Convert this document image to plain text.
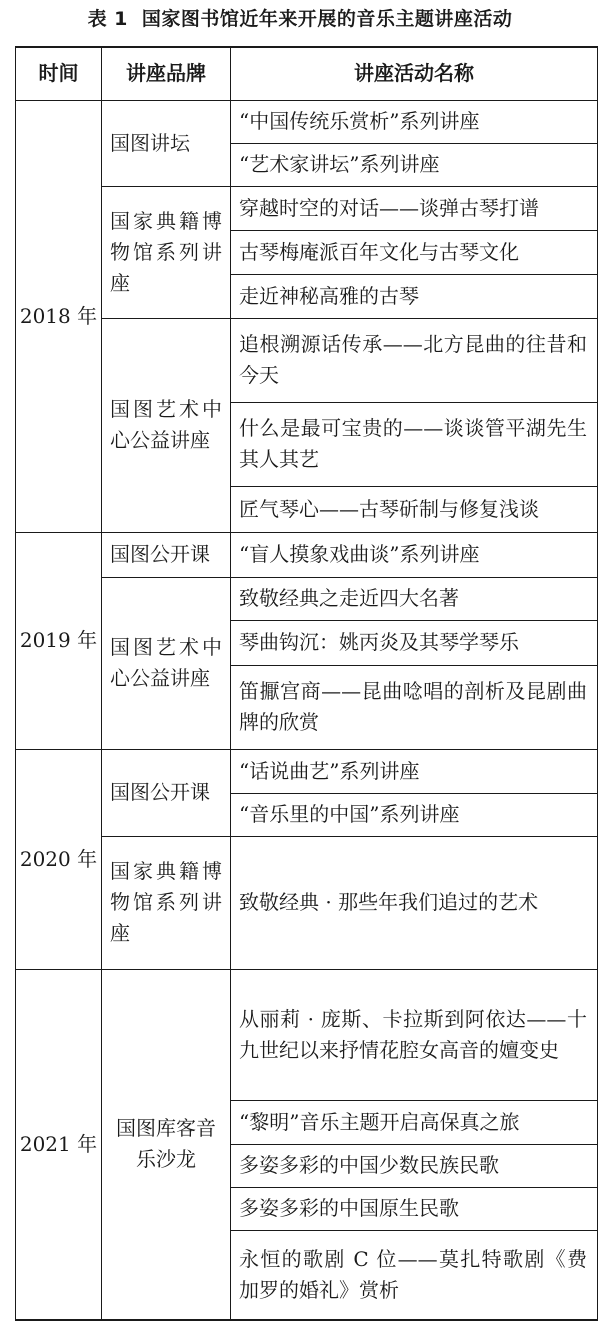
表 1 国家图书馆近年来开展的音乐主题讲座活动
时间	讲座品牌	讲座活动名称
2018 年	国图讲坛	“中国传统乐赏析”系列讲座
		“艺术家讲坛”系列讲座
	国家典籍博物馆系列讲座	穿越时空的对话——谈弹古琴打谱
		古琴梅庵派百年文化与古琴文化
		走近神秘高雅的古琴
	国图艺术中心公益讲座	追根溯源话传承——北方昆曲的往昔和今天
		什么是最可宝贵的——谈谈管平湖先生其人其艺
		匠气琴心——古琴斫制与修复浅谈
2019 年	国图公开课	“盲人摸象戏曲谈”系列讲座
	国图艺术中心公益讲座	致敬经典之走近四大名著
		琴曲钩沉：姚丙炎及其琴学琴乐
		笛擫宫商——昆曲唸唱的剖析及昆剧曲牌的欣赏
2020 年	国图公开课	“话说曲艺”系列讲座
		“音乐里的中国”系列讲座
	国家典籍博物馆系列讲座	致敬经典 · 那些年我们追过的艺术
2021 年	国图库客音乐沙龙	从丽莉 · 庞斯、卡拉斯到阿依达——十九世纪以来抒情花腔女高音的嬗变史
		“黎明”音乐主题开启高保真之旅
		多姿多彩的中国少数民族民歌
		多姿多彩的中国原生民歌
		永恒的歌剧 C 位——莫扎特歌剧《费加罗的婚礼》赏析
